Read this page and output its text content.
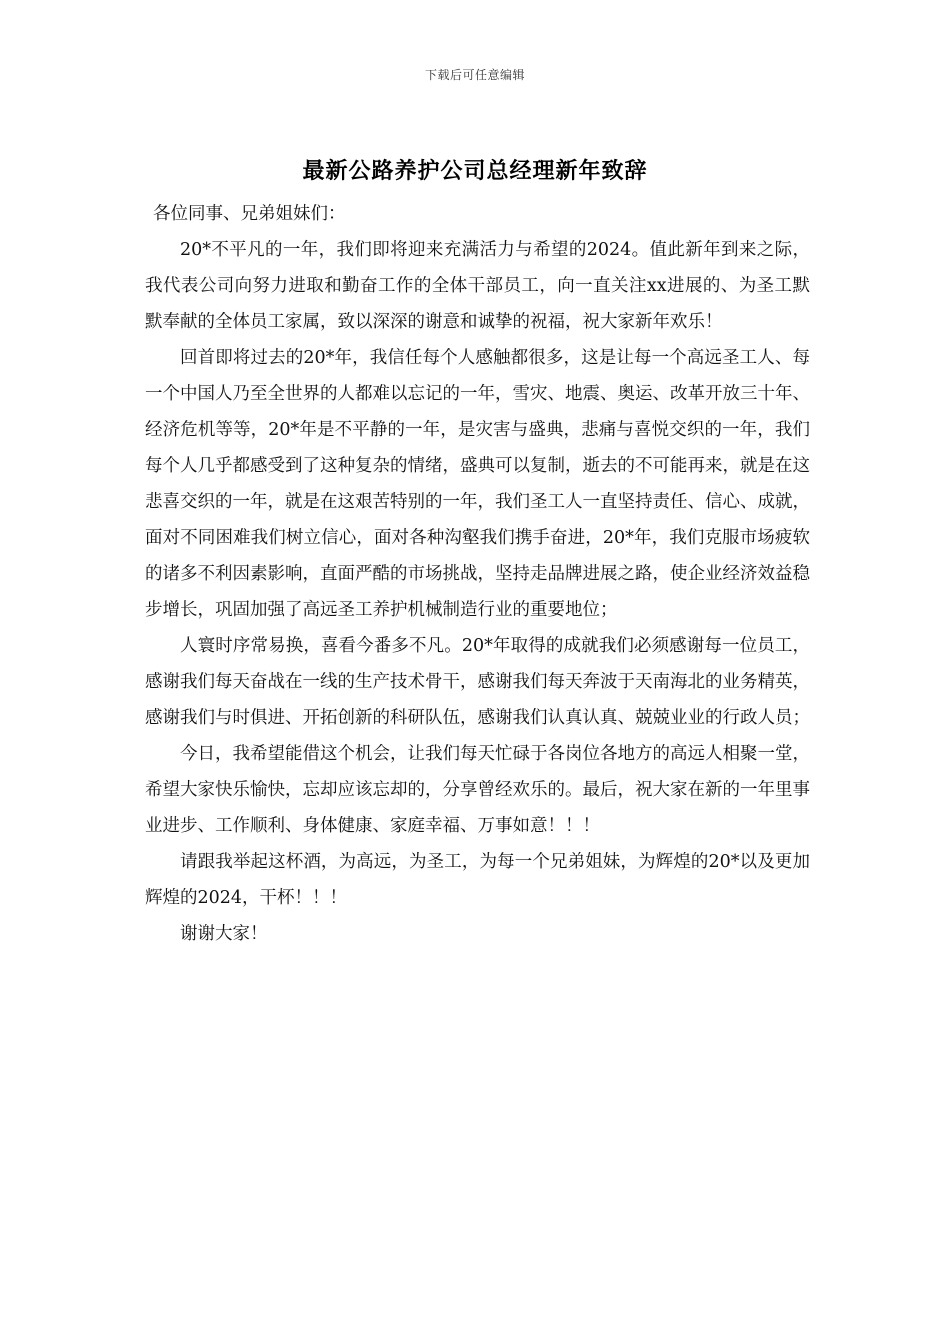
下载后可任意编辑
最新公路养护公司总经理新年致辞

各位同事、兄弟姐妹们：

20*不平凡的一年，我们即将迎来充满活力与希望的2024。值此新年到来之际，我代表公司向努力进取和勤奋工作的全体干部员工，向一直关注xx进展的、为圣工默默奉献的全体员工家属，致以深深的谢意和诚挚的祝福，祝大家新年欢乐！

回首即将过去的20*年，我信任每个人感触都很多，这是让每一个高远圣工人、每一个中国人乃至全世界的人都难以忘记的一年，雪灾、地震、奥运、改革开放三十年、经济危机等等，20*年是不平静的一年，是灾害与盛典，悲痛与喜悦交织的一年，我们每个人几乎都感受到了这种复杂的情绪，盛典可以复制，逝去的不可能再来，就是在这悲喜交织的一年，就是在这艰苦特别的一年，我们圣工人一直坚持责任、信心、成就，面对不同困难我们树立信心，面对各种沟壑我们携手奋进，20*年，我们克服市场疲软的诸多不利因素影响，直面严酷的市场挑战，坚持走品牌进展之路，使企业经济效益稳步增长，巩固加强了高远圣工养护机械制造行业的重要地位；

人寰时序常易换，喜看今番多不凡。20*年取得的成就我们必须感谢每一位员工，感谢我们每天奋战在一线的生产技术骨干，感谢我们每天奔波于天南海北的业务精英，感谢我们与时俱进、开拓创新的科研队伍，感谢我们认真认真、兢兢业业的行政人员；

今日，我希望能借这个机会，让我们每天忙碌于各岗位各地方的高远人相聚一堂，希望大家快乐愉快，忘却应该忘却的，分享曾经欢乐的。最后，祝大家在新的一年里事业进步、工作顺利、身体健康、家庭幸福、万事如意！！！

请跟我举起这杯酒，为高远，为圣工，为每一个兄弟姐妹，为辉煌的20*以及更加辉煌的2024，干杯！！！

谢谢大家！
